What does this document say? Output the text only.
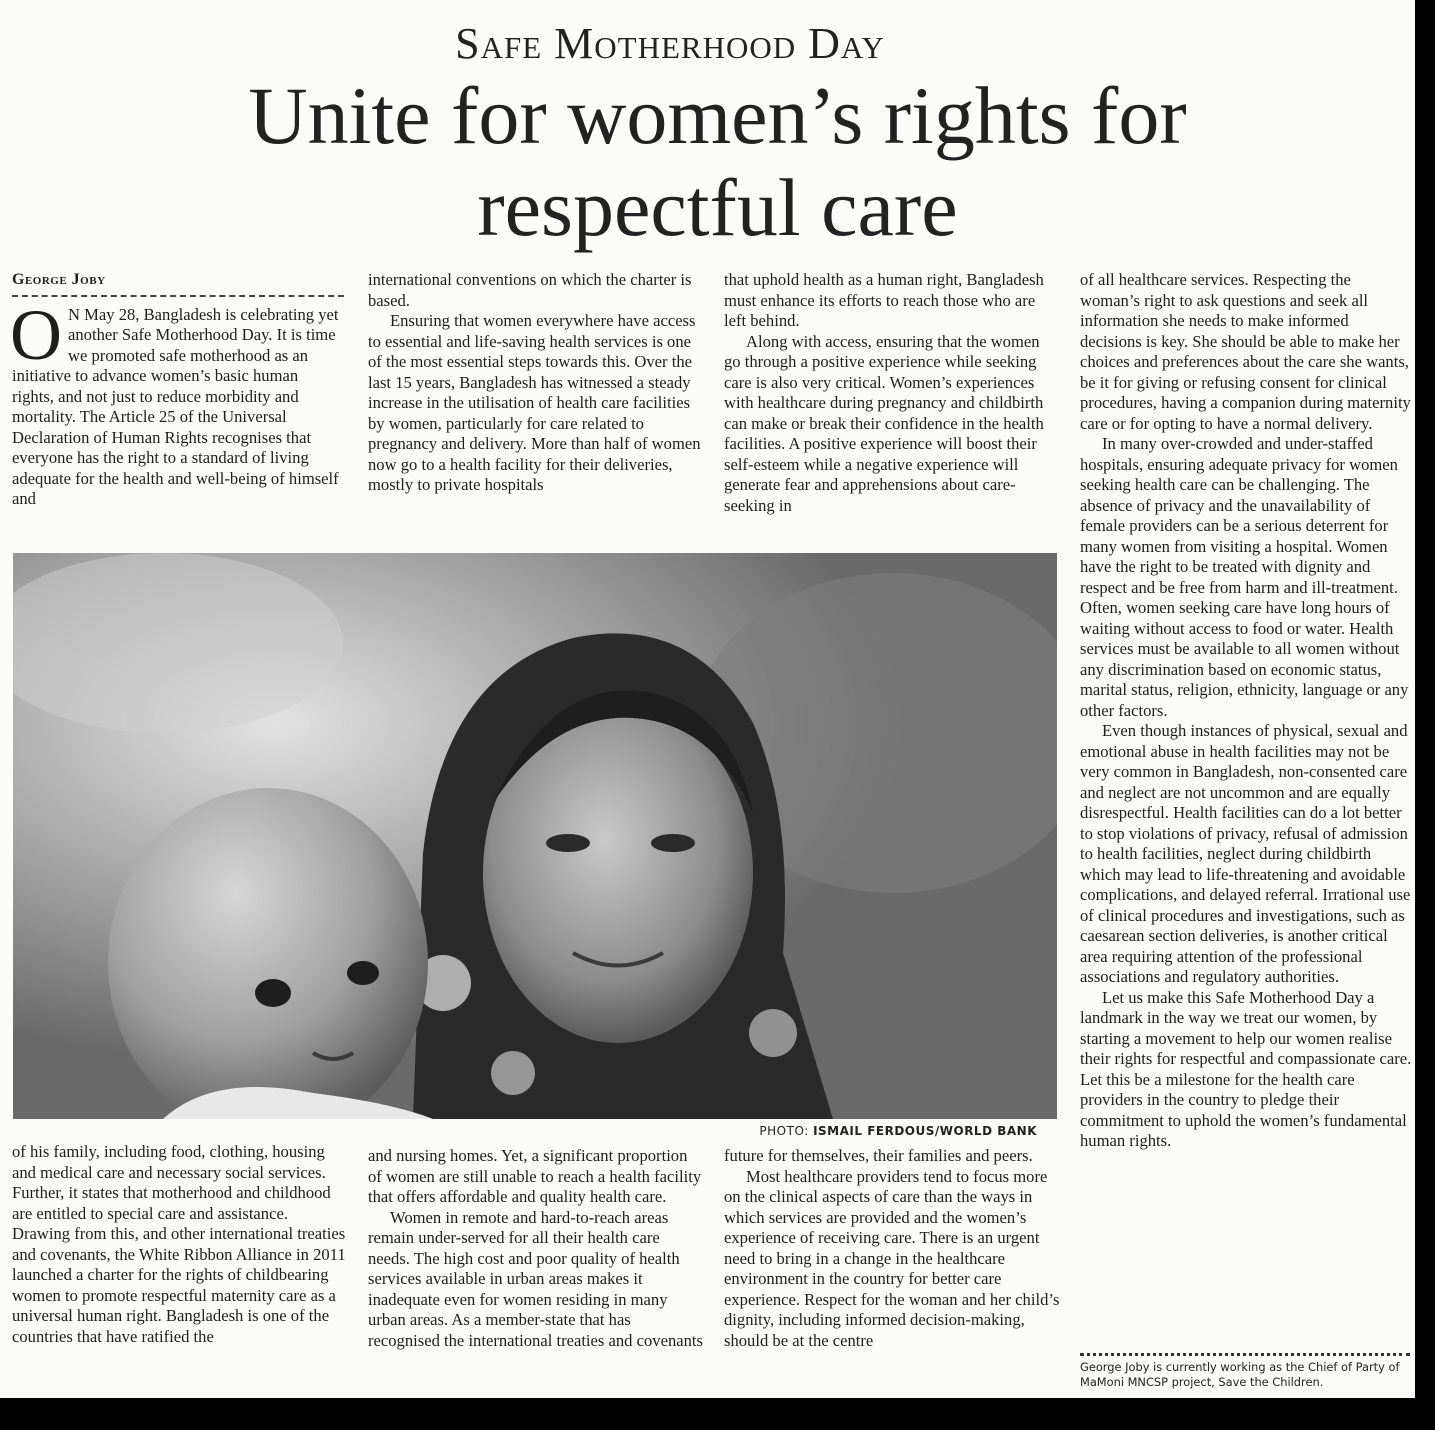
Safe Motherhood Day
Unite for women’s rights for
respectful care
George Joby

O N May 28, Bangladesh is celebrating yet another Safe Motherhood Day. It is time we promoted safe motherhood as an initiative to advance women’s basic human rights, and not just to reduce morbidity and mortality. The Article 25 of the Universal Declaration of Human Rights recognises that everyone has the right to a standard of living adequate for the health and well-being of himself and

international conventions on which the charter is based.

Ensuring that women everywhere have access to essential and life-saving health services is one of the most essential steps towards this. Over the last 15 years, Bangladesh has witnessed a steady increase in the utilisation of health care facilities by women, particularly for care related to pregnancy and delivery. More than half of women now go to a health facility for their deliveries, mostly to private hospitals

that uphold health as a human right, Bangladesh must enhance its efforts to reach those who are left behind.

Along with access, ensuring that the women go through a positive experience while seeking care is also very critical. Women’s experiences with healthcare during pregnancy and childbirth can make or break their confidence in the health facilities. A positive experience will boost their self-esteem while a negative experience will generate fear and apprehensions about care-seeking in

of all healthcare services. Respecting the woman’s right to ask questions and seek all information she needs to make informed decisions is key. She should be able to make her choices and preferences about the care she wants, be it for giving or refusing consent for clinical procedures, having a companion during maternity care or for opting to have a normal delivery.

In many over-crowded and under-staffed hospitals, ensuring adequate privacy for women seeking health care can be challenging. The absence of privacy and the unavailability of female providers can be a serious deterrent for many women from visiting a hospital. Women have the right to be treated with dignity and respect and be free from harm and ill-treatment. Often, women seeking care have long hours of waiting without access to food or water. Health services must be available to all women without any discrimination based on economic status, marital status, religion, ethnicity, language or any other factors.

Even though instances of physical, sexual and emotional abuse in health facilities may not be very common in Bangladesh, non-consented care and neglect are not uncommon and are equally disrespectful. Health facilities can do a lot better to stop violations of privacy, refusal of admission to health facilities, neglect during childbirth which may lead to life-threatening and avoidable complications, and delayed referral. Irrational use of clinical procedures and investigations, such as caesarean section deliveries, is another critical area requiring attention of the professional associations and regulatory authorities.

Let us make this Safe Motherhood Day a landmark in the way we treat our women, by starting a movement to help our women realise their rights for respectful and compassionate care. Let this be a milestone for the health care providers in the country to pledge their commitment to uphold the women’s fundamental human rights.

PHOTO: ISMAIL FERDOUS/WORLD BANK

of his family, including food, clothing, housing and medical care and necessary social services. Further, it states that motherhood and childhood are entitled to special care and assistance. Drawing from this, and other international treaties and covenants, the White Ribbon Alliance in 2011 launched a charter for the rights of childbearing women to promote respectful maternity care as a universal human right. Bangladesh is one of the countries that have ratified the

and nursing homes. Yet, a significant proportion of women are still unable to reach a health facility that offers affordable and quality health care.

Women in remote and hard-to-reach areas remain under-served for all their health care needs. The high cost and poor quality of health services available in urban areas makes it inadequate even for women residing in many urban areas. As a member-state that has recognised the international treaties and covenants

future for themselves, their families and peers.

Most healthcare providers tend to focus more on the clinical aspects of care than the ways in which services are provided and the women’s experience of receiving care. There is an urgent need to bring in a change in the healthcare environment in the country for better care experience. Respect for the woman and her child’s dignity, including informed decision-making, should be at the centre

George Joby is currently working as the Chief of Party of MaMoni MNCSP project, Save the Children.
